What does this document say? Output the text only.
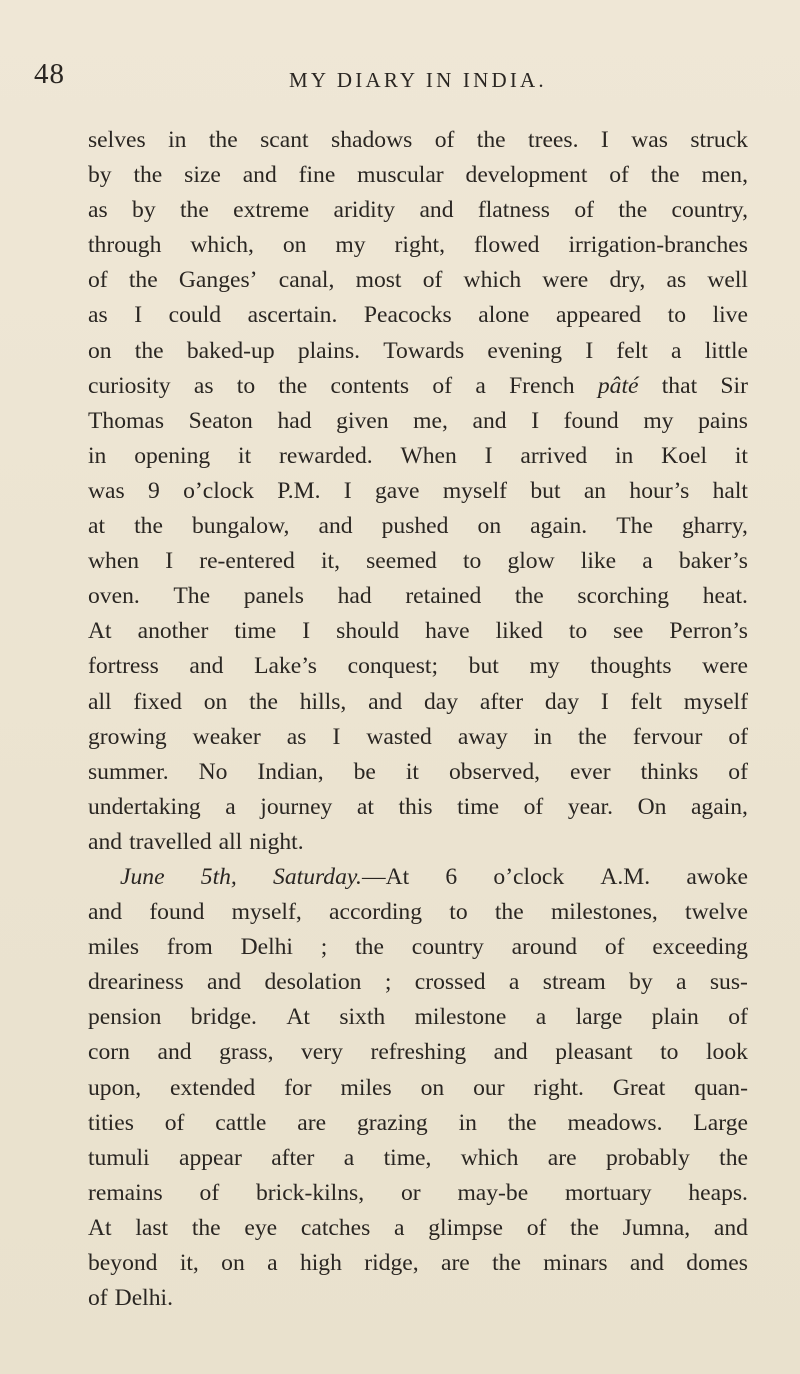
48	MY DIARY IN INDIA.
selves in the scant shadows of the trees. I was struck
by the size and fine muscular development of the men,
as by the extreme aridity and flatness of the country,
through which, on my right, flowed irrigation-branches
of the Ganges’ canal, most of which were dry, as well
as I could ascertain. Peacocks alone appeared to live
on the baked-up plains. Towards evening I felt a little
curiosity as to the contents of a French pâté that Sir
Thomas Seaton had given me, and I found my pains
in opening it rewarded. When I arrived in Koel it
was 9 o’clock P.M. I gave myself but an hour’s halt
at the bungalow, and pushed on again. The gharry,
when I re-entered it, seemed to glow like a baker’s
oven. The panels had retained the scorching heat.
At another time I should have liked to see Perron’s
fortress and Lake’s conquest; but my thoughts were
all fixed on the hills, and day after day I felt myself
growing weaker as I wasted away in the fervour of
summer. No Indian, be it observed, ever thinks of
undertaking a journey at this time of year. On again,
and travelled all night.
June 5th, Saturday.—At 6 o’clock A.M. awoke
and found myself, according to the milestones, twelve
miles from Delhi ; the country around of exceeding
dreariness and desolation ; crossed a stream by a sus-
pension bridge. At sixth milestone a large plain of
corn and grass, very refreshing and pleasant to look
upon, extended for miles on our right. Great quan-
tities of cattle are grazing in the meadows. Large
tumuli appear after a time, which are probably the
remains of brick-kilns, or may-be mortuary heaps.
At last the eye catches a glimpse of the Jumna, and
beyond it, on a high ridge, are the minars and domes
of Delhi.
